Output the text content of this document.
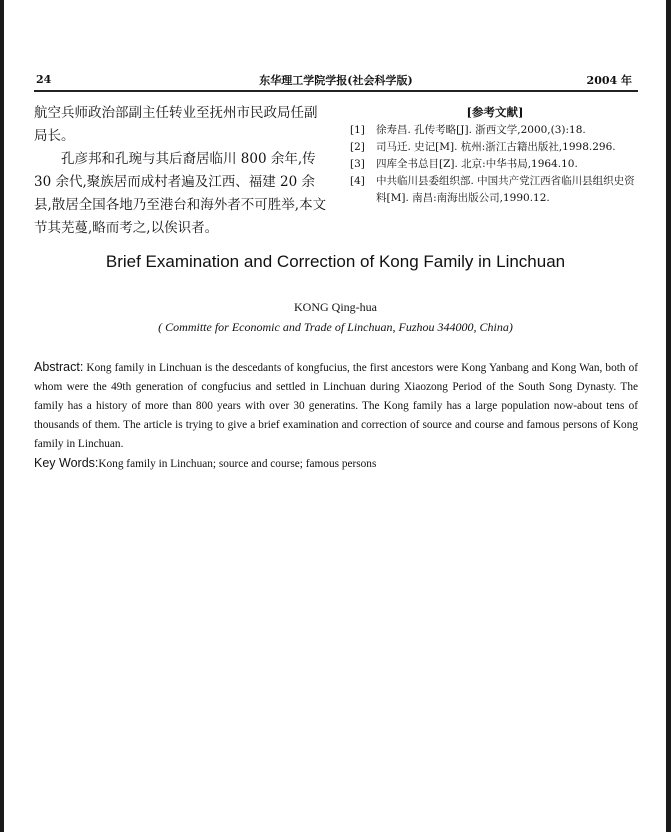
24	东华理工学院学报(社会科学版)	2004 年

航空兵师政治部副主任转业至抚州市民政局任副局长。

孔彦邦和孔琬与其后裔居临川 800 余年,传 30 余代,聚族居而成村者遍及江西、福建 20 余县,散居全国各地乃至港台和海外者不可胜举,本文节其芜蔓,略而考之,以俟识者。

[参考文献]
[1] 徐寿昌. 孔传考略[J]. 浙西文学,2000,(3):18.
[2] 司马迁. 史记[M]. 杭州:浙江古籍出版社,1998.296.
[3] 四库全书总目[Z]. 北京:中华书局,1964.10.
[4] 中共临川县委组织部. 中国共产党江西省临川县组织史资料[M]. 南昌:南海出版公司,1990.12.
Brief Examination and Correction of Kong Family in Linchuan
KONG Qing-hua
( Committe for Economic and Trade of Linchuan, Fuzhou 344000, China)

Abstract: Kong family in Linchuan is the descedants of kongfucius, the first ancestors were Kong Yanbang and Kong Wan, both of whom were the 49th generation of congfucius and settled in Linchuan during Xiaozong Period of the South Song Dynasty. The family has a history of more than 800 years with over 30 generatins. The Kong family has a large population now-about tens of thousands of them. The article is trying to give a brief examination and correction of source and course and famous persons of Kong family in Linchuan.

Key Words:Kong family in Linchuan; source and course; famous persons
